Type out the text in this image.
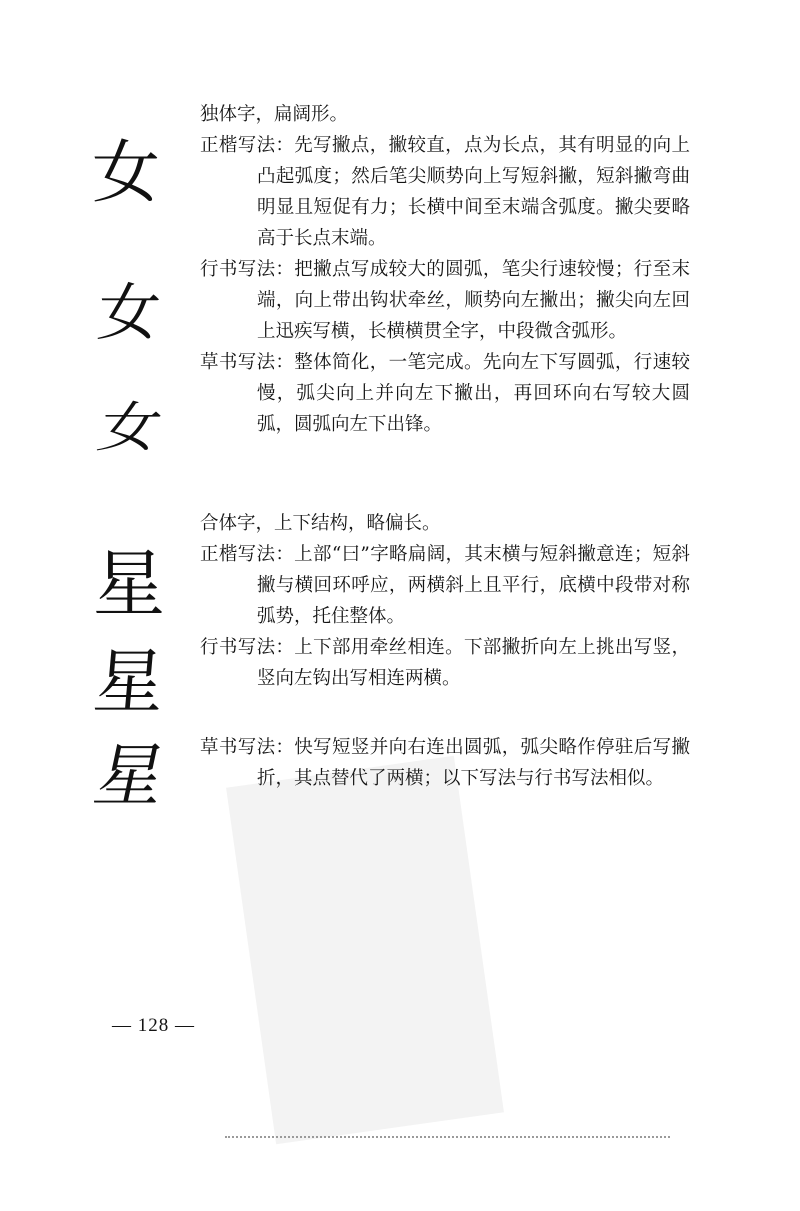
女
女
女
星
星
星

独体字，扁阔形。

正楷写法：先写撇点，撇较直，点为长点，其有明显的向上凸起弧度；然后笔尖顺势向上写短斜撇，短斜撇弯曲明显且短促有力；长横中间至末端含弧度。撇尖要略高于长点末端。

行书写法：把撇点写成较大的圆弧，笔尖行速较慢；行至末端，向上带出钩状牵丝，顺势向左撇出；撇尖向左回上迅疾写横，长横横贯全字，中段微含弧形。

草书写法：整体简化，一笔完成。先向左下写圆弧，行速较慢，弧尖向上并向左下撇出，再回环向右写较大圆弧，圆弧向左下出锋。

合体字，上下结构，略偏长。

正楷写法：上部“曰”字略扁阔，其末横与短斜撇意连；短斜撇与横回环呼应，两横斜上且平行，底横中段带对称弧势，托住整体。

行书写法：上下部用牵丝相连。下部撇折向左上挑出写竖，竖向左钩出写相连两横。

草书写法：快写短竖并向右连出圆弧，弧尖略作停驻后写撇折，其点替代了两横；以下写法与行书写法相似。

— 128 —
